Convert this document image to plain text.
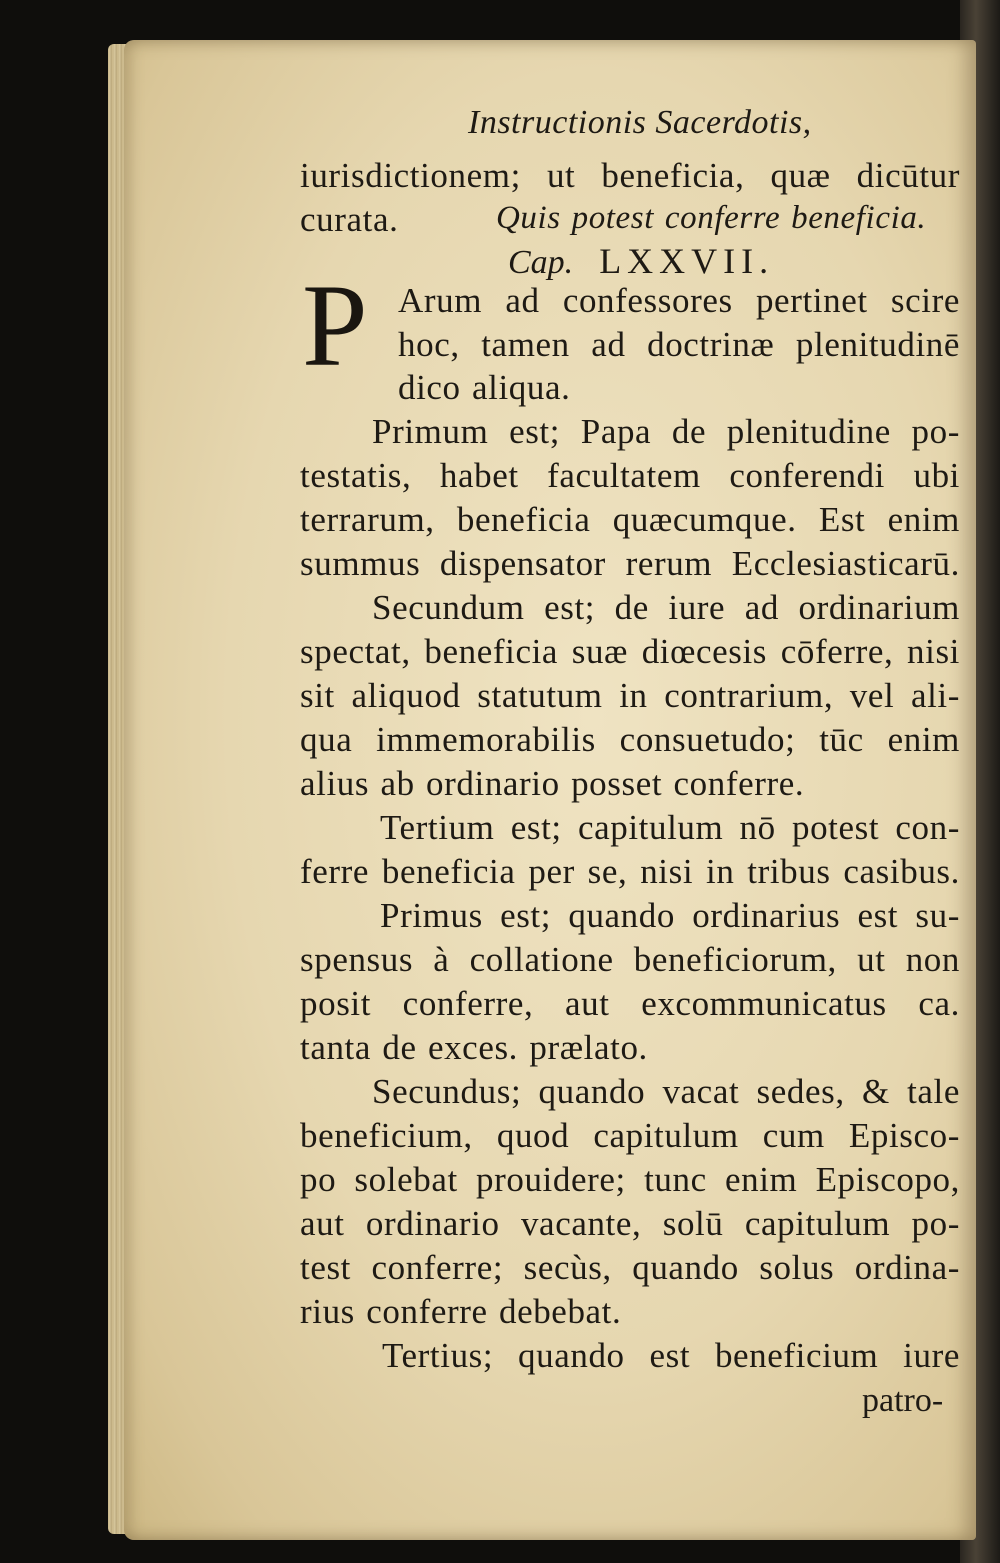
Instructionis Sacerdotis,
iurisdictionem; ut beneficia, quæ dicūtur
curata.	Quis potest conferre beneficia.
Cap. LXXVII.
P Arum ad confessores pertinet scire
hoc, tamen ad doctrinæ plenitudinē
dico aliqua.
Primum est; Papa de plenitudine po-
testatis, habet facultatem conferendi ubi
terrarum, beneficia quæcumque. Est enim
summus dispensator rerum Ecclesiasticarū.
Secundum est; de iure ad ordinarium
spectat, beneficia suæ diœcesis cōferre, nisi
sit aliquod statutum in contrarium, vel ali-
qua immemorabilis consuetudo; tūc enim
alius ab ordinario posset conferre.
Tertium est; capitulum nō potest con-
ferre beneficia per se, nisi in tribus casibus.
Primus est; quando ordinarius est su-
spensus à collatione beneficiorum, ut non
posit conferre, aut excommunicatus ca.
tanta de exces. prælato.
Secundus; quando vacat sedes, & tale
beneficium, quod capitulum cum Episco-
po solebat prouidere; tunc enim Episcopo,
aut ordinario vacante, solū capitulum po-
test conferre; secùs, quando solus ordina-
rius conferre debebat.
Tertius; quando est beneficium iure
patro-
